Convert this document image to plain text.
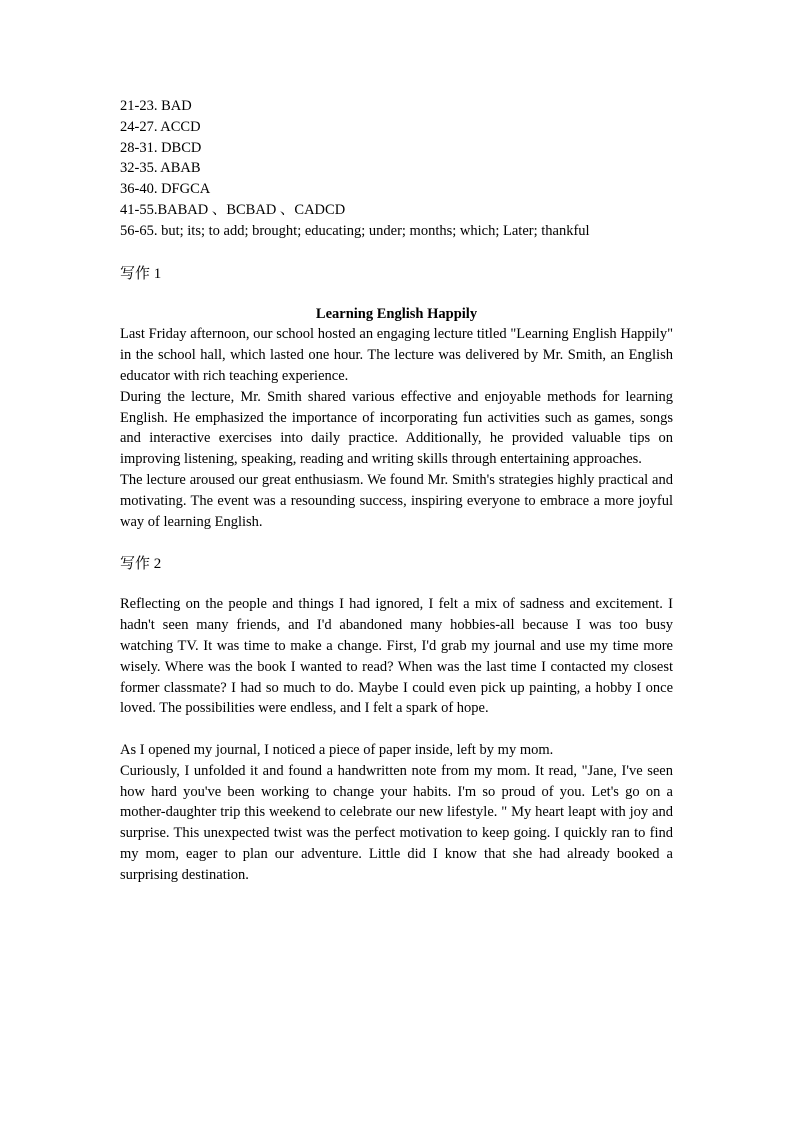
21-23. BAD
24-27. ACCD
28-31. DBCD
32-35. ABAB
36-40. DFGCA
41-55.BABAD 、BCBAD 、CADCD
56-65. but; its; to add; brought; educating; under; months; which; Later; thankful
写作 1
Learning English Happily

Last Friday afternoon, our school hosted an engaging lecture titled "Learning English Happily" in the school hall, which lasted one hour. The lecture was delivered by Mr. Smith, an English educator with rich teaching experience.

During the lecture, Mr. Smith shared various effective and enjoyable methods for learning English. He emphasized the importance of incorporating fun activities such as games, songs and interactive exercises into daily practice. Additionally, he provided valuable tips on improving listening, speaking, reading and writing skills through entertaining approaches.

The lecture aroused our great enthusiasm. We found Mr. Smith's strategies highly practical and motivating. The event was a resounding success, inspiring everyone to embrace a more joyful way of learning English.

写作 2

Reflecting on the people and things I had ignored, I felt a mix of sadness and excitement. I hadn't seen many friends, and I'd abandoned many hobbies-all because I was too busy watching TV. It was time to make a change. First, I'd grab my journal and use my time more wisely. Where was the book I wanted to read? When was the last time I contacted my closest former classmate? I had so much to do. Maybe I could even pick up painting, a hobby I once loved. The possibilities were endless, and I felt a spark of hope.

As I opened my journal, I noticed a piece of paper inside, left by my mom.

Curiously, I unfolded it and found a handwritten note from my mom. It read, "Jane, I've seen how hard you've been working to change your habits. I'm so proud of you. Let's go on a mother-daughter trip this weekend to celebrate our new lifestyle. " My heart leapt with joy and surprise. This unexpected twist was the perfect motivation to keep going. I quickly ran to find my mom, eager to plan our adventure. Little did I know that she had already booked a surprising destination.
